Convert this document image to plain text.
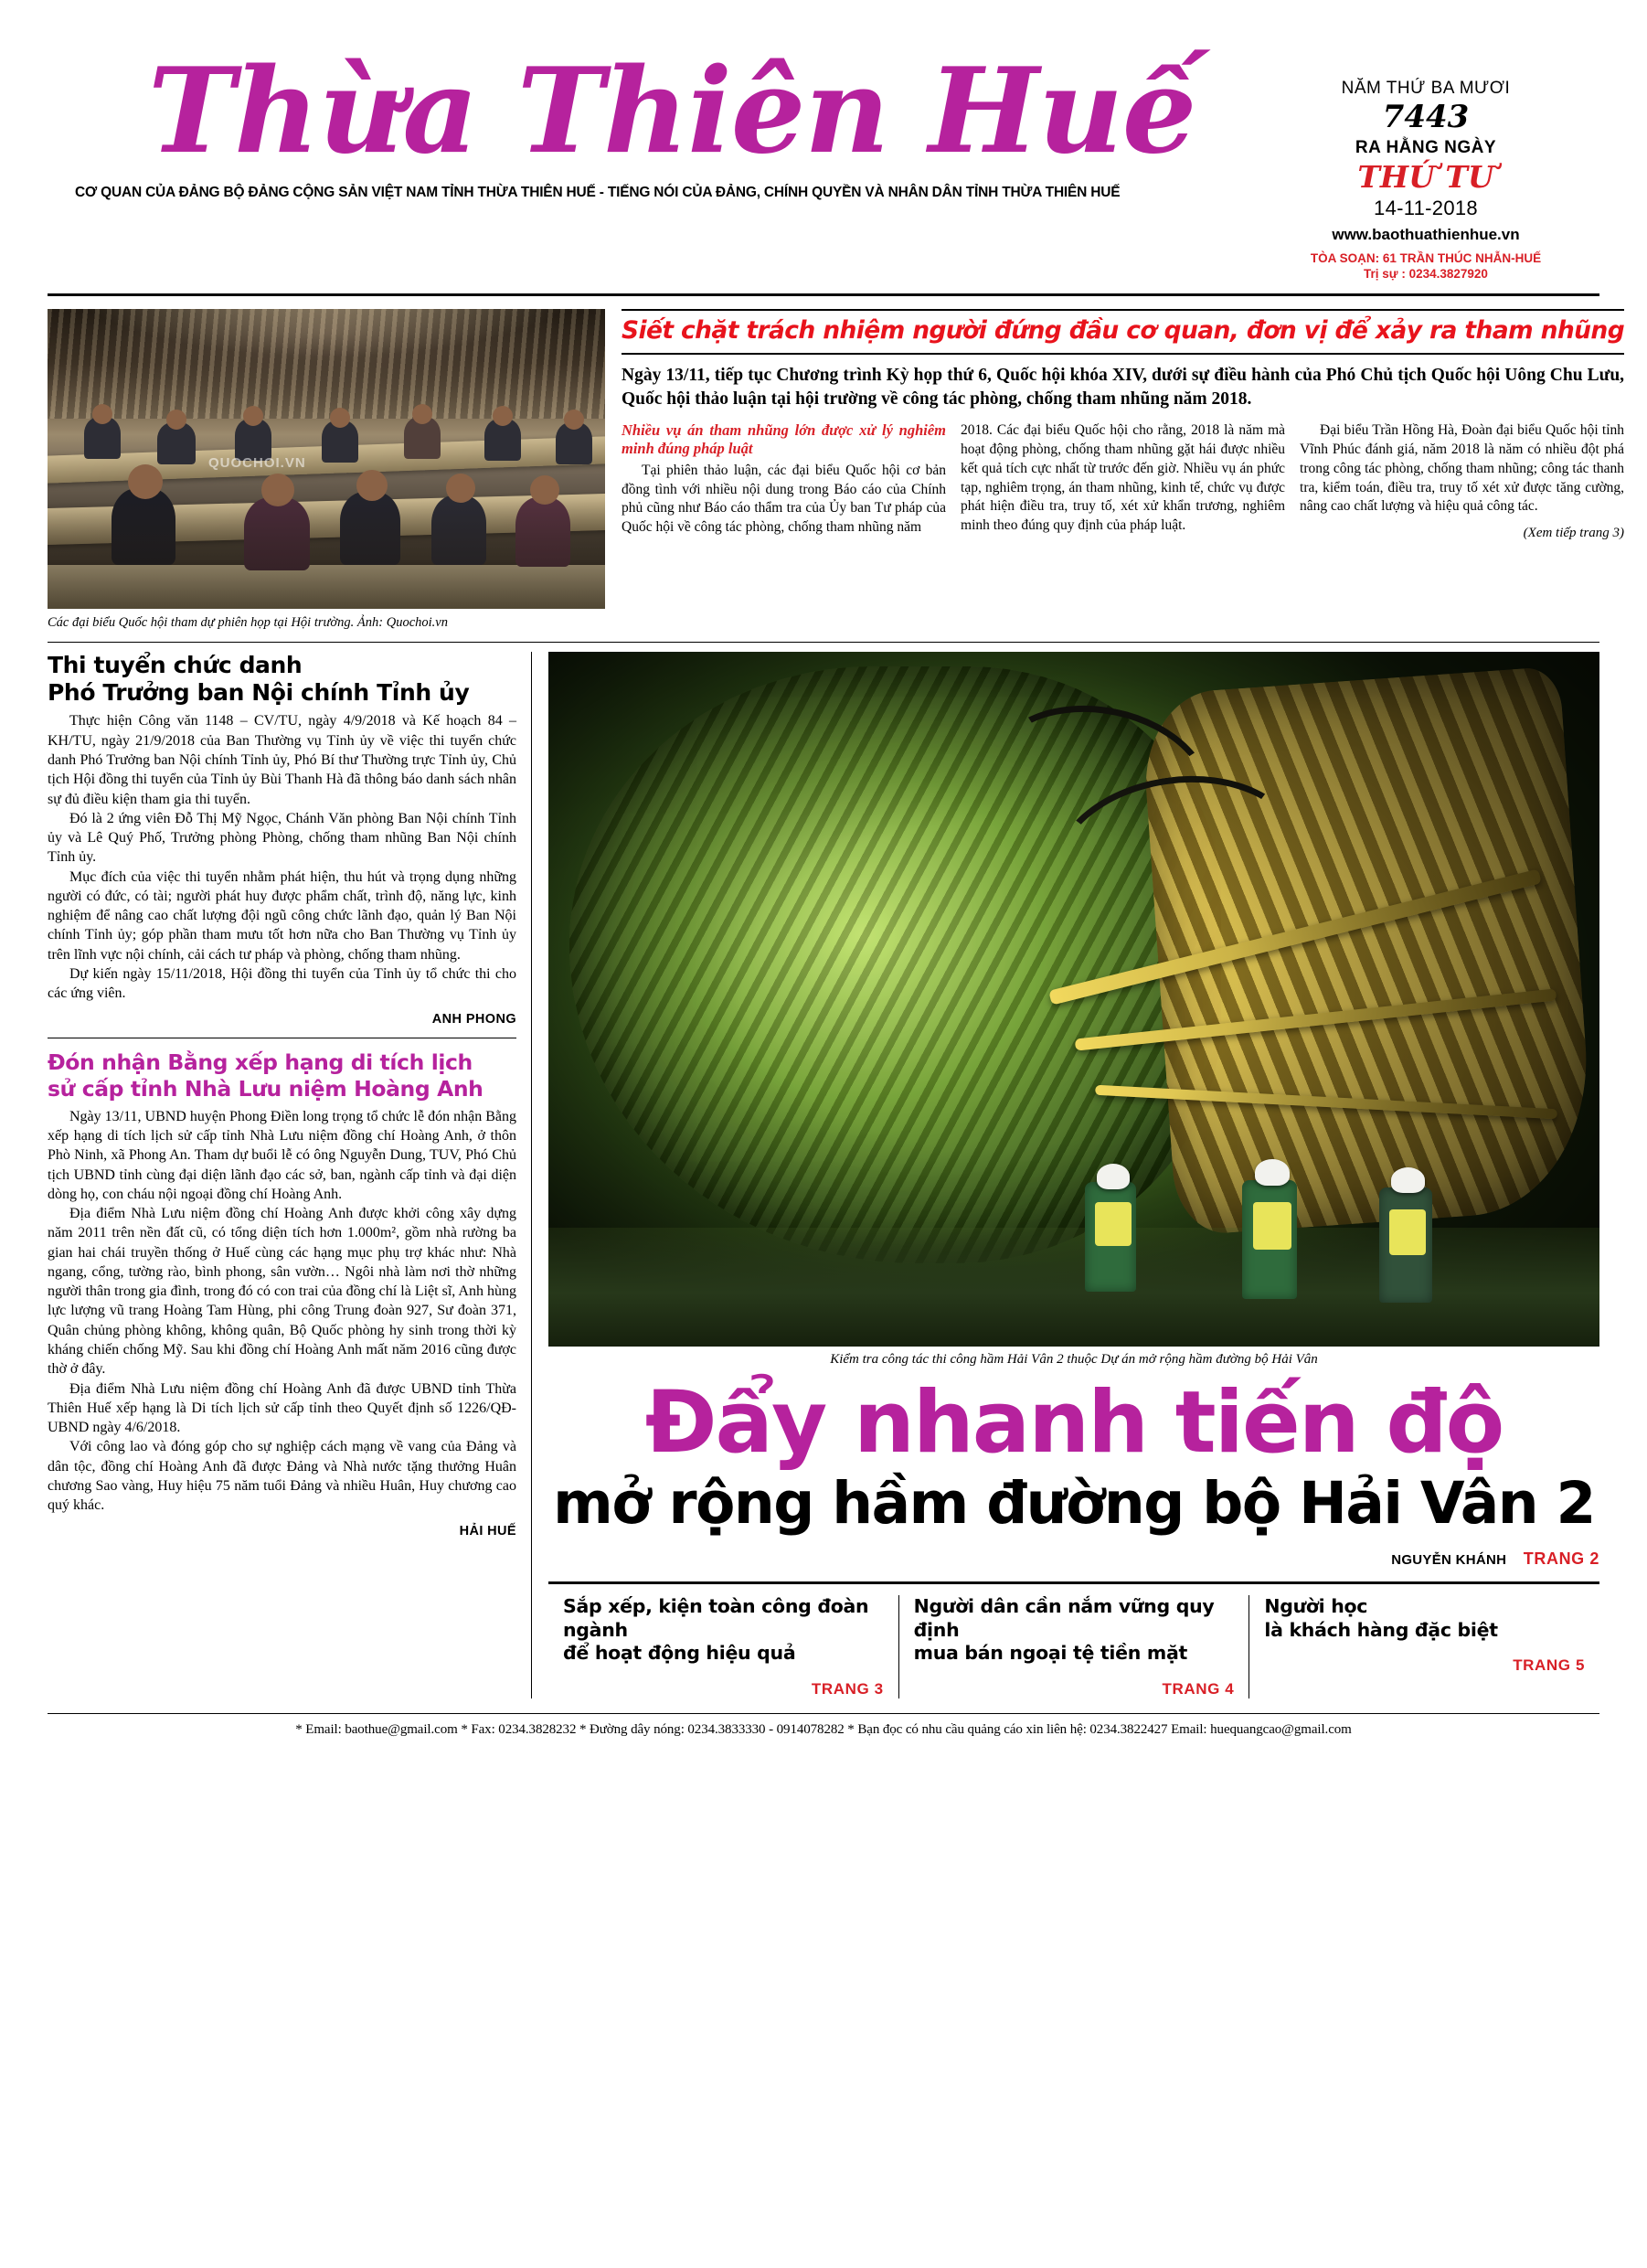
Thừa Thiên Huế
CƠ QUAN CỦA ĐẢNG BỘ ĐẢNG CỘNG SẢN VIỆT NAM TỈNH THỪA THIÊN HUẾ - TIẾNG NÓI CỦA ĐẢNG, CHÍNH QUYỀN VÀ NHÂN DÂN TỈNH THỪA THIÊN HUẾ
NĂM THỨ BA MƯƠI
7443
RA HẰNG NGÀY
THỨ TƯ
14-11-2018
www.baothuathienhue.vn
TÒA SOẠN: 61 TRẦN THÚC NHẪN-HUẾ
Trị sự : 0234.3827920
QUOCHOI.VN
Các đại biểu Quốc hội tham dự phiên họp tại Hội trường. Ảnh: Quochoi.vn
Siết chặt trách nhiệm người đứng đầu cơ quan, đơn vị để xảy ra tham nhũng
Ngày 13/11, tiếp tục Chương trình Kỳ họp thứ 6, Quốc hội khóa XIV, dưới sự điều hành của Phó Chủ tịch Quốc hội Uông Chu Lưu, Quốc hội thảo luận tại hội trường về công tác phòng, chống tham nhũng năm 2018.
Nhiều vụ án tham nhũng lớn được xử lý nghiêm minh đúng pháp luật
Tại phiên thảo luận, các đại biểu Quốc hội cơ bản đồng tình với nhiều nội dung trong Báo cáo của Chính phủ cũng như Báo cáo thẩm tra của Ủy ban Tư pháp của Quốc hội về công tác phòng, chống tham nhũng năm
2018. Các đại biểu Quốc hội cho rằng, 2018 là năm mà hoạt động phòng, chống tham nhũng gặt hái được nhiều kết quả tích cực nhất từ trước đến giờ. Nhiều vụ án phức tạp, nghiêm trọng, án tham nhũng, kinh tế, chức vụ được phát hiện điều tra, truy tố, xét xử khẩn trương, nghiêm minh theo đúng quy định của pháp luật.
Đại biểu Trần Hồng Hà, Đoàn đại biểu Quốc hội tỉnh Vĩnh Phúc đánh giá, năm 2018 là năm có nhiều đột phá trong công tác phòng, chống tham nhũng; công tác thanh tra, kiểm toán, điều tra, truy tố xét xử được tăng cường, nâng cao chất lượng và hiệu quả công tác.
(Xem tiếp trang 3)
Thi tuyển chức danh
Phó Trưởng ban Nội chính Tỉnh ủy

Thực hiện Công văn 1148 – CV/TU, ngày 4/9/2018 và Kế hoạch 84 – KH/TU, ngày 21/9/2018 của Ban Thường vụ Tỉnh ủy về việc thi tuyển chức danh Phó Trưởng ban Nội chính Tỉnh ủy, Phó Bí thư Thường trực Tỉnh ủy, Chủ tịch Hội đồng thi tuyển của Tỉnh ủy Bùi Thanh Hà đã thông báo danh sách nhân sự đủ điều kiện tham gia thi tuyển.

Đó là 2 ứng viên Đỗ Thị Mỹ Ngọc, Chánh Văn phòng Ban Nội chính Tỉnh ủy và Lê Quý Phố, Trưởng phòng Phòng, chống tham nhũng Ban Nội chính Tỉnh ủy.

Mục đích của việc thi tuyển nhằm phát hiện, thu hút và trọng dụng những người có đức, có tài; người phát huy được phẩm chất, trình độ, năng lực, kinh nghiệm để nâng cao chất lượng đội ngũ công chức lãnh đạo, quản lý Ban Nội chính Tỉnh ủy; góp phần tham mưu tốt hơn nữa cho Ban Thường vụ Tỉnh ủy trên lĩnh vực nội chính, cải cách tư pháp và phòng, chống tham nhũng.

Dự kiến ngày 15/11/2018, Hội đồng thi tuyển của Tỉnh ủy tổ chức thi cho các ứng viên.

ANH PHONG
Đón nhận Bằng xếp hạng di tích lịch
sử cấp tỉnh Nhà Lưu niệm Hoàng Anh

Ngày 13/11, UBND huyện Phong Điền long trọng tổ chức lễ đón nhận Bằng xếp hạng di tích lịch sử cấp tỉnh Nhà Lưu niệm đồng chí Hoàng Anh, ở thôn Phò Ninh, xã Phong An. Tham dự buổi lễ có ông Nguyễn Dung, TUV, Phó Chủ tịch UBND tỉnh cùng đại diện lãnh đạo các sở, ban, ngành cấp tỉnh và đại diện dòng họ, con cháu nội ngoại đồng chí Hoàng Anh.

Địa điểm Nhà Lưu niệm đồng chí Hoàng Anh được khởi công xây dựng năm 2011 trên nền đất cũ, có tổng diện tích hơn 1.000m², gồm nhà rường ba gian hai chái truyền thống ở Huế cùng các hạng mục phụ trợ khác như: Nhà ngang, cổng, tường rào, bình phong, sân vườn… Ngôi nhà làm nơi thờ những người thân trong gia đình, trong đó có con trai của đồng chí là Liệt sĩ, Anh hùng lực lượng vũ trang Hoàng Tam Hùng, phi công Trung đoàn 927, Sư đoàn 371, Quân chủng phòng không, không quân, Bộ Quốc phòng hy sinh trong thời kỳ kháng chiến chống Mỹ. Sau khi đồng chí Hoàng Anh mất năm 2016 cũng được thờ ở đây.

Địa điểm Nhà Lưu niệm đồng chí Hoàng Anh đã được UBND tỉnh Thừa Thiên Huế xếp hạng là Di tích lịch sử cấp tỉnh theo Quyết định số 1226/QĐ-UBND ngày 4/6/2018.

Với công lao và đóng góp cho sự nghiệp cách mạng về vang của Đảng và dân tộc, đồng chí Hoàng Anh đã được Đảng và Nhà nước tặng thưởng Huân chương Sao vàng, Huy hiệu 75 năm tuổi Đảng và nhiều Huân, Huy chương cao quý khác.

HẢI HUẾ
Kiểm tra công tác thi công hầm Hải Vân 2 thuộc Dự án mở rộng hầm đường bộ Hải Vân
Đẩy nhanh tiến độ
mở rộng hầm đường bộ Hải Vân 2
NGUYỄN KHÁNH TRANG 2
Sắp xếp, kiện toàn công đoàn ngành
để hoạt động hiệu quả
TRANG 3
Người dân cần nắm vững quy định
mua bán ngoại tệ tiền mặt
TRANG 4
Người học
là khách hàng đặc biệt
TRANG 5
* Email: baothue@gmail.com * Fax: 0234.3828232 * Đường dây nóng: 0234.3833330 - 0914078282 * Bạn đọc có nhu cầu quảng cáo xin liên hệ: 0234.3822427 Email: huequangcao@gmail.com
